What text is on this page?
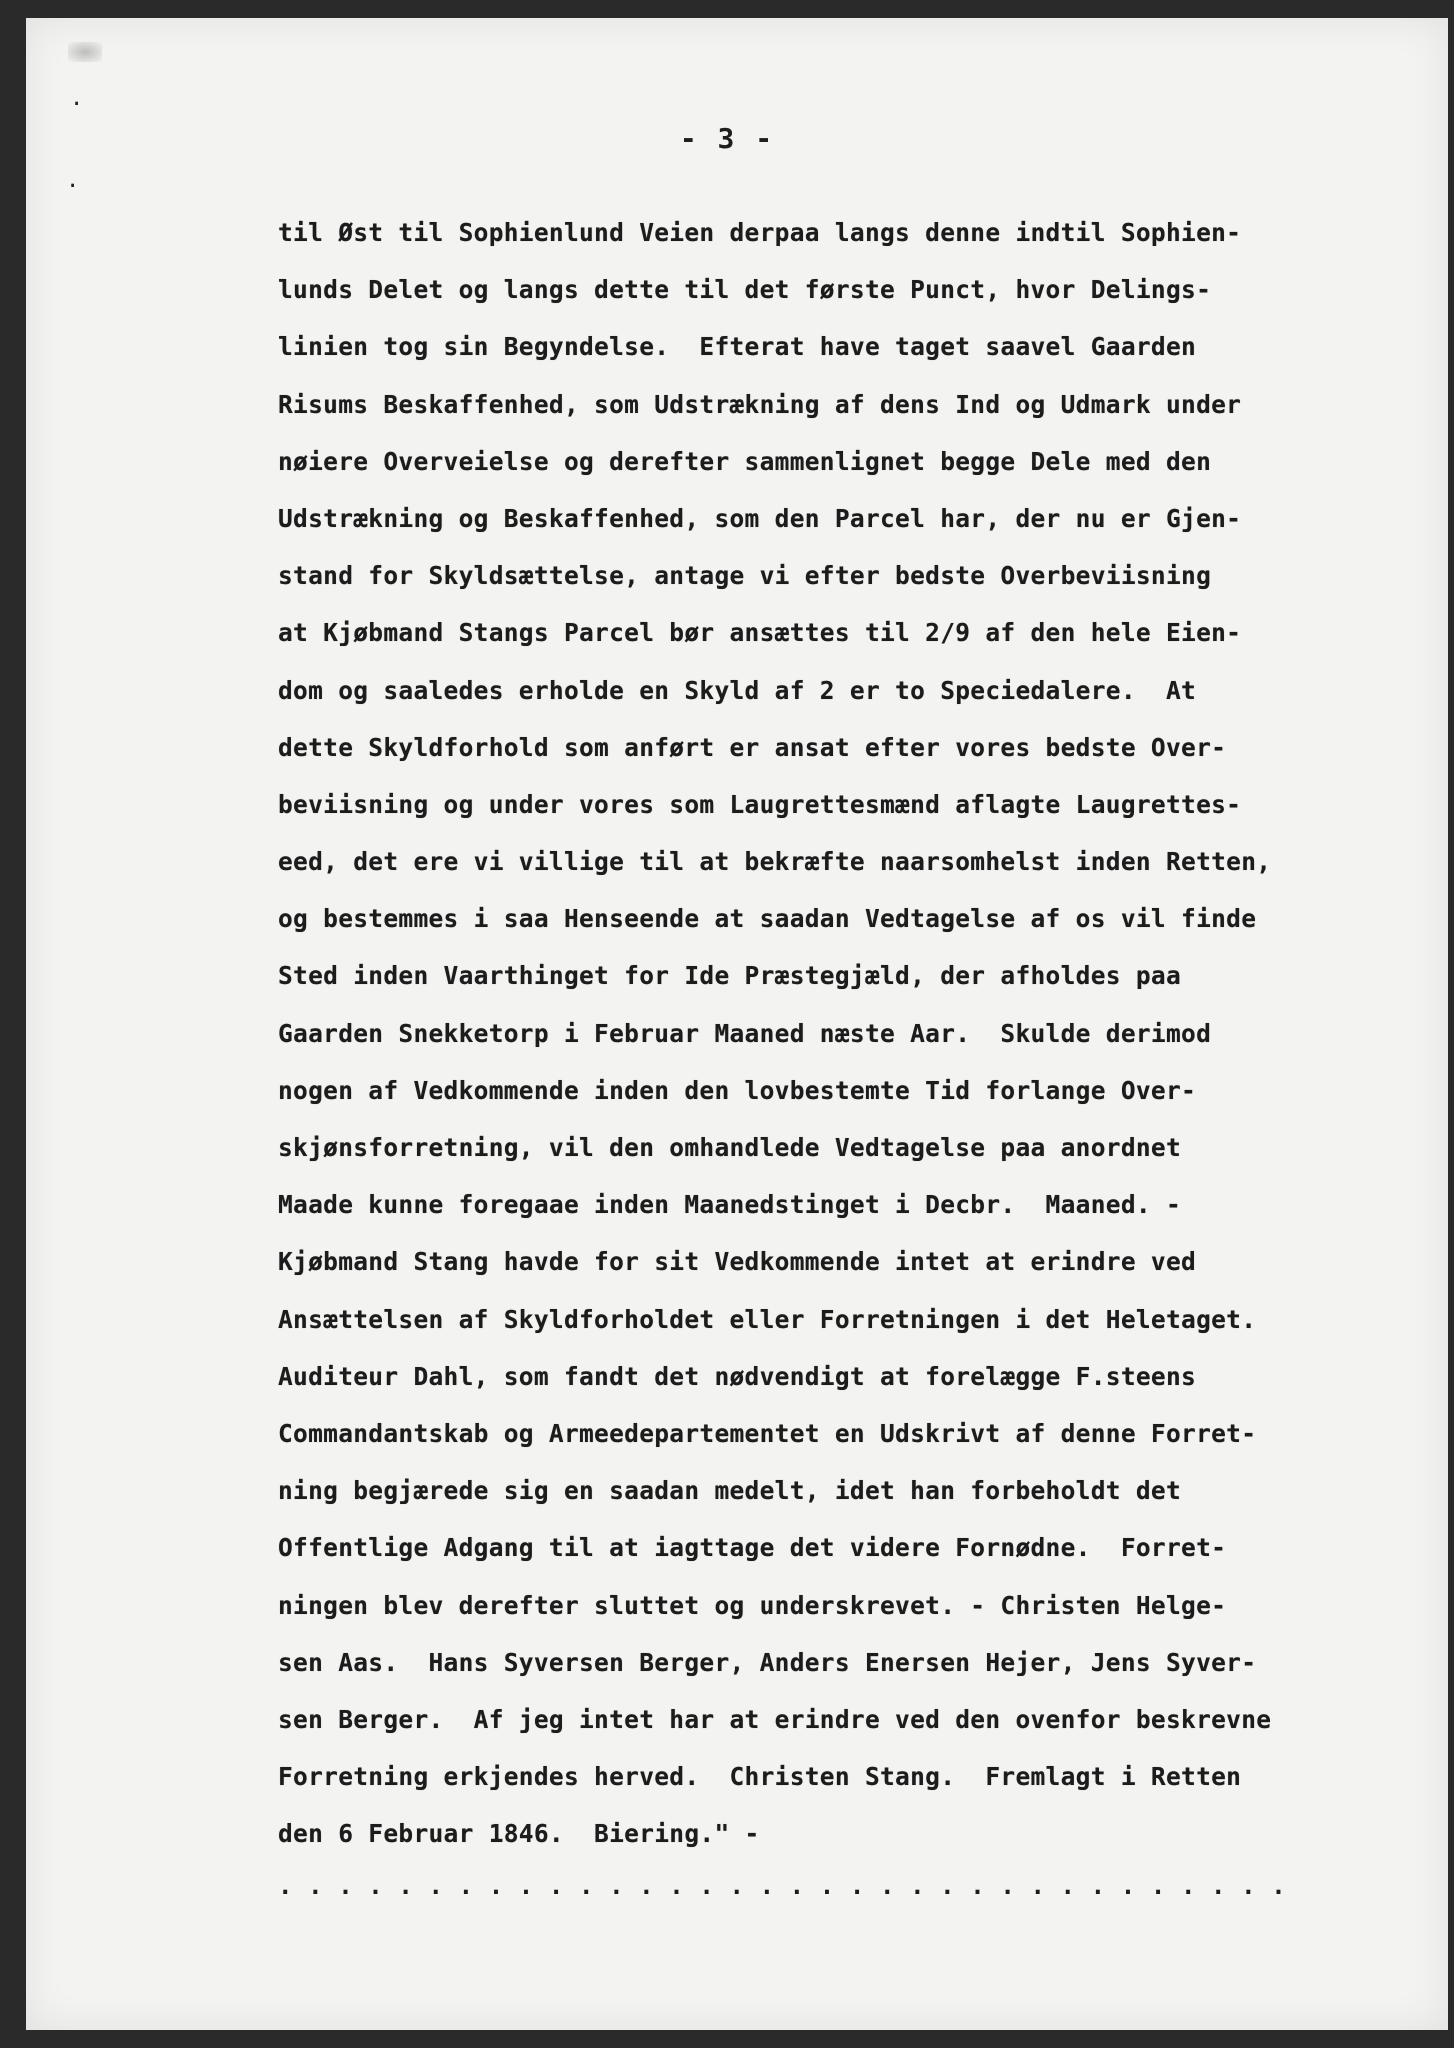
·
·
- 3 -
til Øst til Sophienlund Veien derpaa langs denne indtil Sophien-
lunds Delet og langs dette til det første Punct, hvor Delings-
linien tog sin Begyndelse.  Efterat have taget saavel Gaarden
Risums Beskaffenhed, som Udstrækning af dens Ind og Udmark under
nøiere Overveielse og derefter sammenlignet begge Dele med den
Udstrækning og Beskaffenhed, som den Parcel har, der nu er Gjen-
stand for Skyldsættelse, antage vi efter bedste Overbeviisning
at Kjøbmand Stangs Parcel bør ansættes til 2/9 af den hele Eien-
dom og saaledes erholde en Skyld af 2 er to Speciedalere.  At
dette Skyldforhold som anført er ansat efter vores bedste Over-
beviisning og under vores som Laugrettesmænd aflagte Laugrettes-
eed, det ere vi villige til at bekræfte naarsomhelst inden Retten,
og bestemmes i saa Henseende at saadan Vedtagelse af os vil finde
Sted inden Vaarthinget for Ide Præstegjæld, der afholdes paa
Gaarden Snekketorp i Februar Maaned næste Aar.  Skulde derimod
nogen af Vedkommende inden den lovbestemte Tid forlange Over-
skjønsforretning, vil den omhandlede Vedtagelse paa anordnet
Maade kunne foregaae inden Maanedstinget i Decbr.  Maaned. -
Kjøbmand Stang havde for sit Vedkommende intet at erindre ved
Ansættelsen af Skyldforholdet eller Forretningen i det Heletaget.
Auditeur Dahl, som fandt det nødvendigt at forelægge F.steens
Commandantskab og Armeedepartementet en Udskrivt af denne Forret-
ning begjærede sig en saadan medelt, idet han forbeholdt det
Offentlige Adgang til at iagttage det videre Fornødne.  Forret-
ningen blev derefter sluttet og underskrevet. - Christen Helge-
sen Aas.  Hans Syversen Berger, Anders Enersen Hejer, Jens Syver-
sen Berger.  Af jeg intet har at erindre ved den ovenfor beskrevne
Forretning erkjendes herved.  Christen Stang.  Fremlagt i Retten
den 6 Februar 1846.  Biering." -
. . . . . . . . . . . . . . . . . . . . . . . . . . . . . . . . . .
